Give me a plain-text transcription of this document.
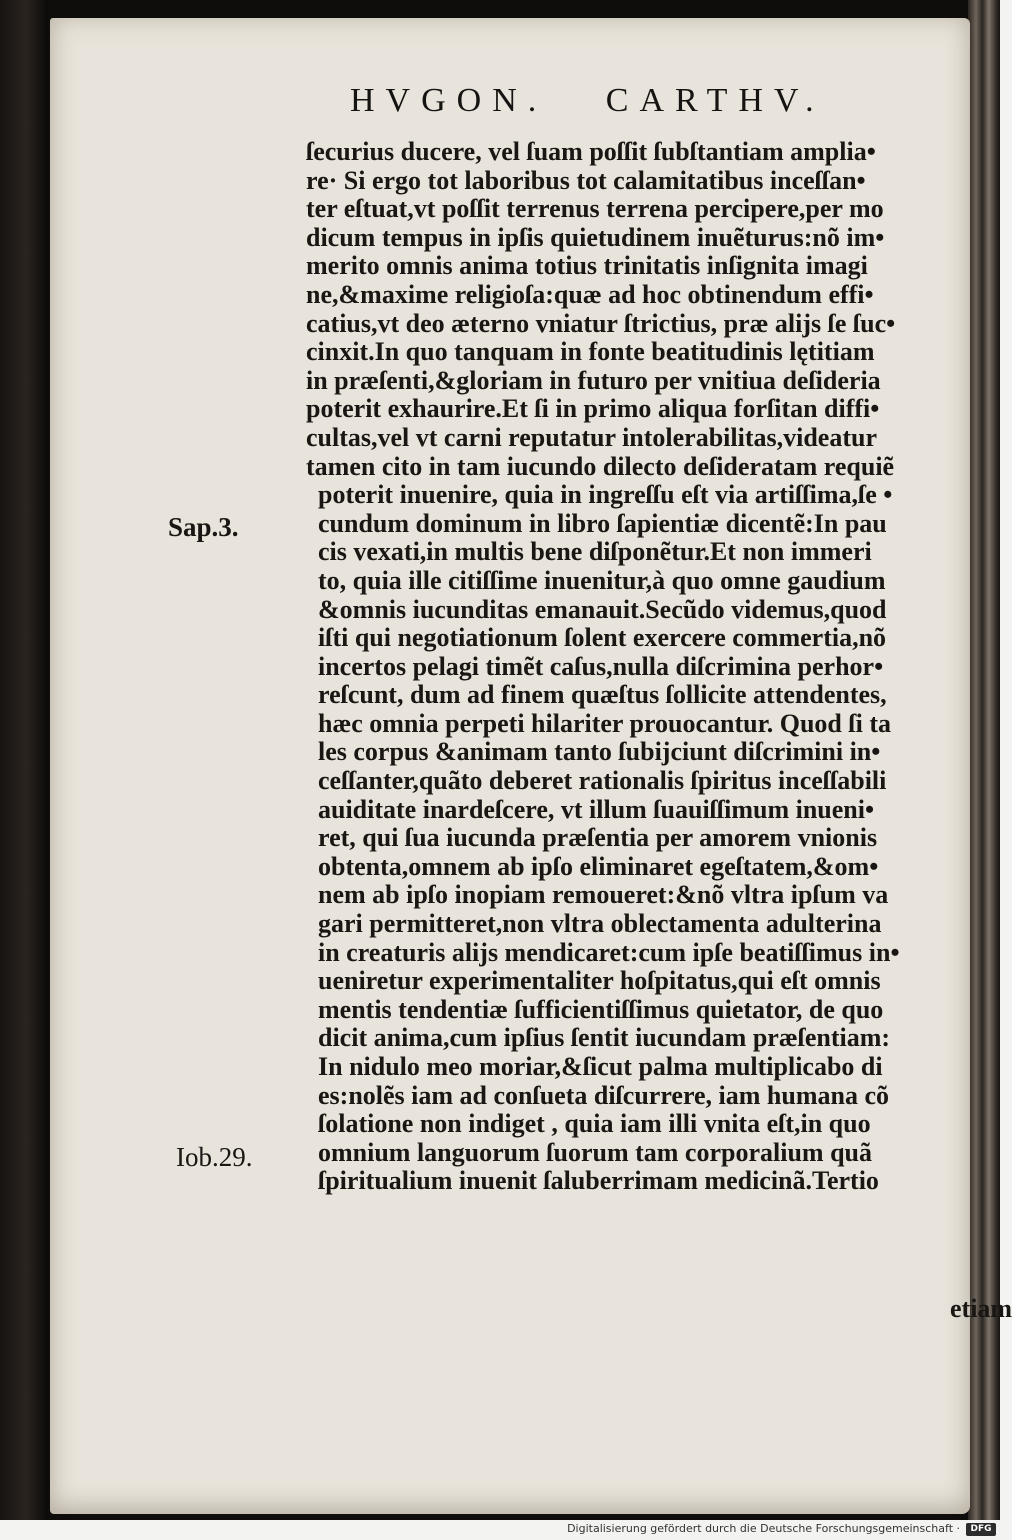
HVGON.   CARTHV.
ſecurius ducere, vel ſuam poſſit ſubſtantiam amplia•
re· Si ergo tot laboribus tot calamitatibus inceſſan•
ter eſtuat,vt poſſit terrenus terrena percipere,per mo
dicum tempus in ipſis quietudinem inuẽturus:nõ im•
merito omnis anima totius trinitatis inſignita imagi
ne,&maxime religioſa:quæ ad hoc obtinendum effi•
catius,vt deo æterno vniatur ſtrictius, præ alijs ſe ſuc•
cinxit.In quo tanquam in fonte beatitudinis lętitiam
in præſenti,&gloriam in futuro per vnitiua deſideria
poterit exhaurire.Et ſi in primo aliqua forſitan diffi•
cultas,vel vt carni reputatur intolerabilitas,videatur
tamen cito in tam iucundo dilecto deſideratam requiẽ
poterit inuenire, quia in ingreſſu eſt via artiſſima,ſe •
cundum dominum in libro ſapientiæ dicentẽ:In pau
cis vexati,in multis bene diſponẽtur.Et non immeri
to, quia ille citiſſime inuenitur,à quo omne gaudium
&omnis iucunditas emanauit.Secũdo videmus,quod
iſti qui negotiationum ſolent exercere commertia,nõ
incertos pelagi timẽt caſus,nulla diſcrimina perhor•
reſcunt, dum ad finem quæſtus ſollicite attendentes,
hæc omnia perpeti hilariter prouocantur. Quod ſi ta
les corpus &animam tanto ſubijciunt diſcrimini in•
ceſſanter,quãto deberet rationalis ſpiritus inceſſabili
auiditate inardeſcere, vt illum ſuauiſſimum inueni•
ret, qui ſua iucunda præſentia per amorem vnionis
obtenta,omnem ab ipſo eliminaret egeſtatem,&om•
nem ab ipſo inopiam remoueret:&nõ vltra ipſum va
gari permitteret,non vltra oblectamenta adulterina
in creaturis alijs mendicaret:cum ipſe beatiſſimus in•
ueniretur experimentaliter hoſpitatus,qui eſt omnis
mentis tendentiæ ſufficientiſſimus quietator, de quo
dicit anima,cum ipſius ſentit iucundam præſentiam:
In nidulo meo moriar,&ſicut palma multiplicabo di
es:nolẽs iam ad conſueta diſcurrere, iam humana cõ
ſolatione non indiget , quia iam illi vnita eſt,in quo
omnium languorum ſuorum tam corporalium quã
ſpiritualium inuenit ſaluberrimam medicinã.Tertio
Sap.3.
Iob.29.
etiam
Digitalisierung gefördert durch die Deutsche Forschungsgemeinschaft ·	DFG
